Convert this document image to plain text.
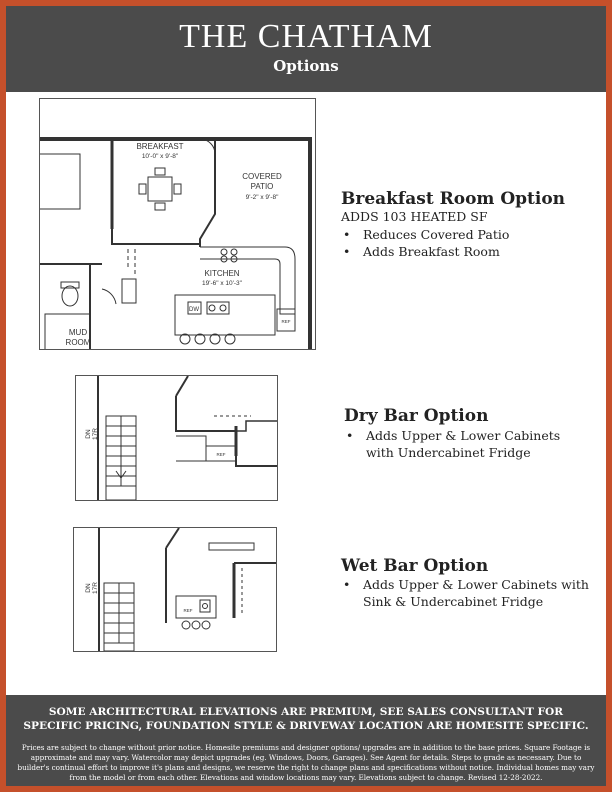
THE CHATHAM
Options
BREAKFAST
10'-0" x 9'-8"
COVERED
PATIO
9'-2" x 9'-8"
KITCHEN
19'-6" x 10'-3"
DW
MUD
ROOM
REF
DN 17R
REF
DN 17R
REF
Breakfast Room Option
ADDS 103 HEATED SF
• Reduces Covered Patio
• Adds Breakfast Room
Dry Bar Option
• Adds Upper & Lower Cabinets with Undercabinet Fridge
Wet Bar Option
• Adds Upper & Lower Cabinets with Sink & Undercabinet Fridge
SOME ARCHITECTURAL ELEVATIONS ARE PREMIUM, SEE SALES CONSULTANT FOR SPECIFIC PRICING, FOUNDATION STYLE & DRIVEWAY LOCATION ARE HOMESITE SPECIFIC.
Prices are subject to change without prior notice. Homesite premiums and designer options/ upgrades are in addition to the base prices. Square Footage is approximate and may vary. Watercolor may depict upgrades (eg. Windows, Doors, Garages). See Agent for details. Steps to grade as necessary. Due to builder's continual effort to improve it's plans and designs, we reserve the right to change plans and specifications without notice. Individual homes may vary from the model or from each other. Elevations and window locations may vary. Elevations subject to change. Revised 12-28-2022.
